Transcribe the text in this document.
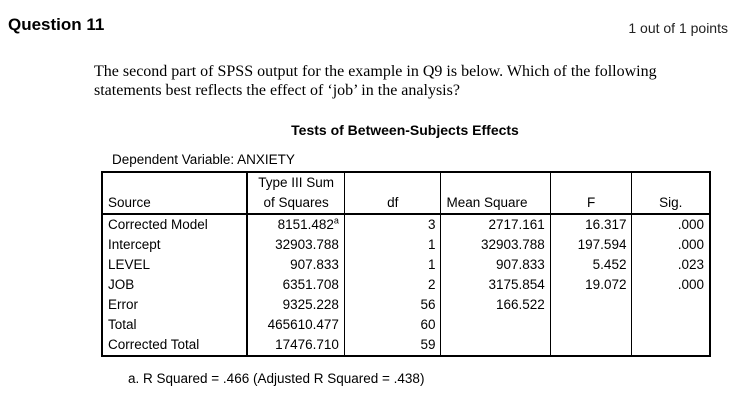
Question 11	1 out of 1 points
The second part of SPSS output for the example in Q9 is below. Which of the following statements best reflects the effect of ‘job’ in the analysis?
Tests of Between-Subjects Effects
Dependent Variable: ANXIETY
Source	Type III Sum
of Squares	df	Mean Square	F	Sig.
Corrected Model	8151.482$^a$	3	2717.161	16.317	.000
Intercept	32903.788	1	32903.788	197.594	.000
LEVEL	907.833	1	907.833	5.452	.023
JOB	6351.708	2	3175.854	19.072	.000
Error	9325.228	56	166.522		
Total	465610.477	60			
Corrected Total	17476.710	59			
a. R Squared = .466 (Adjusted R Squared = .438)
